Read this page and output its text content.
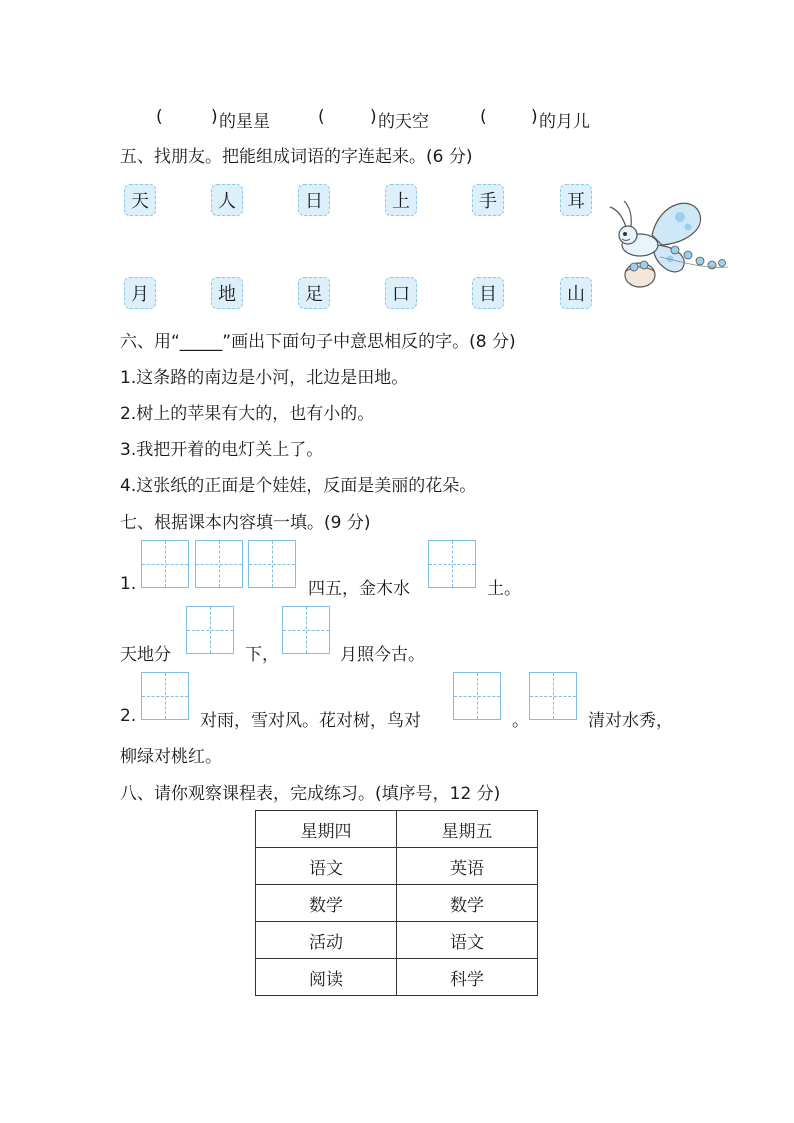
(	) 的星星	(	) 的天空	(	) 的月儿
五、找朋友。把能组成词语的字连起来。(6 分)
天	人	日	上	手	耳
月	地	足	口	目	山
六、用“_____”画出下面句子中意思相反的字。(8 分)
1.这条路的南边是小河，北边是田地。
2.树上的苹果有大的，也有小的。
3.我把开着的电灯关上了。
4.这张纸的正面是个娃娃，反面是美丽的花朵。
七、根据课本内容填一填。(9 分)
1.	四五，金木水	土。
天地分	下，	月照今古。
2.	对雨，雪对风。花对树，鸟对	。	清对水秀，
柳绿对桃红。
八、请你观察课程表，完成练习。(填序号，12 分)
星期四	星期五
语文	英语
数学	数学
活动	语文
阅读	科学
